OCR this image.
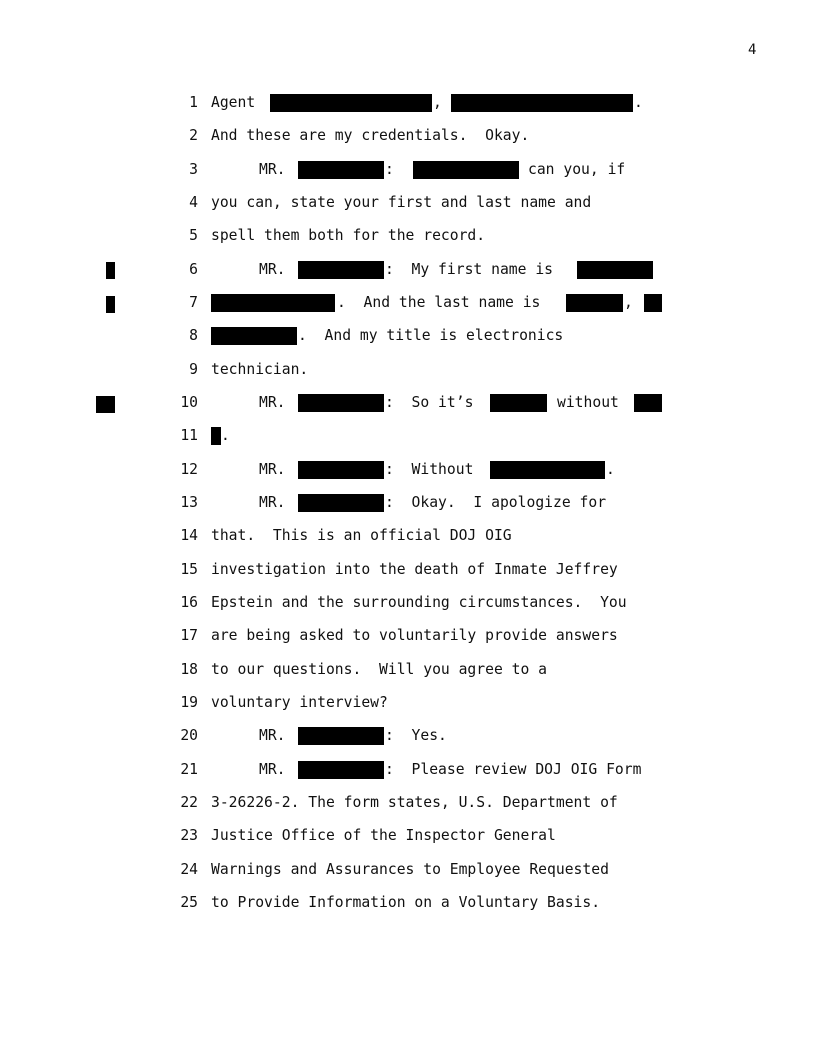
4
1 Agent	,	.
2 And these are my credentials.  Okay.
3	MR.	:	can you, if
4 you can, state your first and last name and
5 spell them both for the record.
6	MR.	:  My first name is
7	.  And the last name is	,
8	.  And my title is electronics
9 technician.
10	MR.	:  So it’s	without
11 .
12	MR.	:  Without	.
13	MR.	:  Okay.  I apologize for
14 that.  This is an official DOJ OIG
15 investigation into the death of Inmate Jeffrey
16 Epstein and the surrounding circumstances.  You
17 are being asked to voluntarily provide answers
18 to our questions.  Will you agree to a
19 voluntary interview?
20	MR.	:  Yes.
21	MR.	:  Please review DOJ OIG Form
22 3-26226-2. The form states, U.S. Department of
23 Justice Office of the Inspector General
24 Warnings and Assurances to Employee Requested
25 to Provide Information on a Voluntary Basis.
